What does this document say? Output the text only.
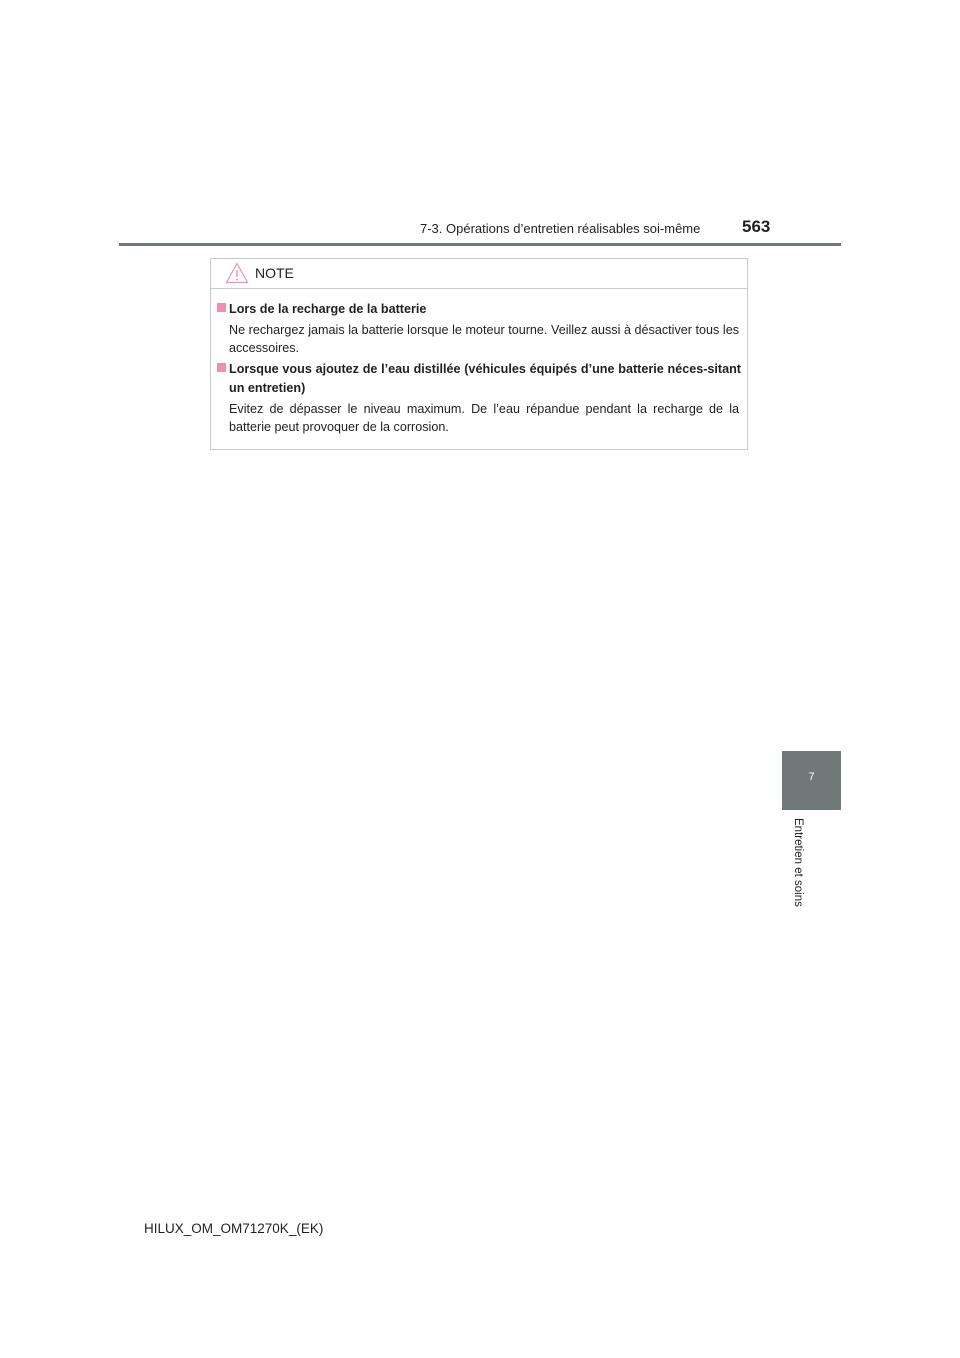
7-3. Opérations d’entretien réalisables soi-même 563
NOTE
Lors de la recharge de la batterie
Ne rechargez jamais la batterie lorsque le moteur tourne. Veillez aussi à désactiver tous les accessoires.
Lorsque vous ajoutez de l’eau distillée (véhicules équipés d’une batterie néces-sitant un entretien)
Evitez de dépasser le niveau maximum. De l’eau répandue pendant la recharge de la batterie peut provoquer de la corrosion.
7
Entretien et soins
HILUX_OM_OM71270K_(EK)
